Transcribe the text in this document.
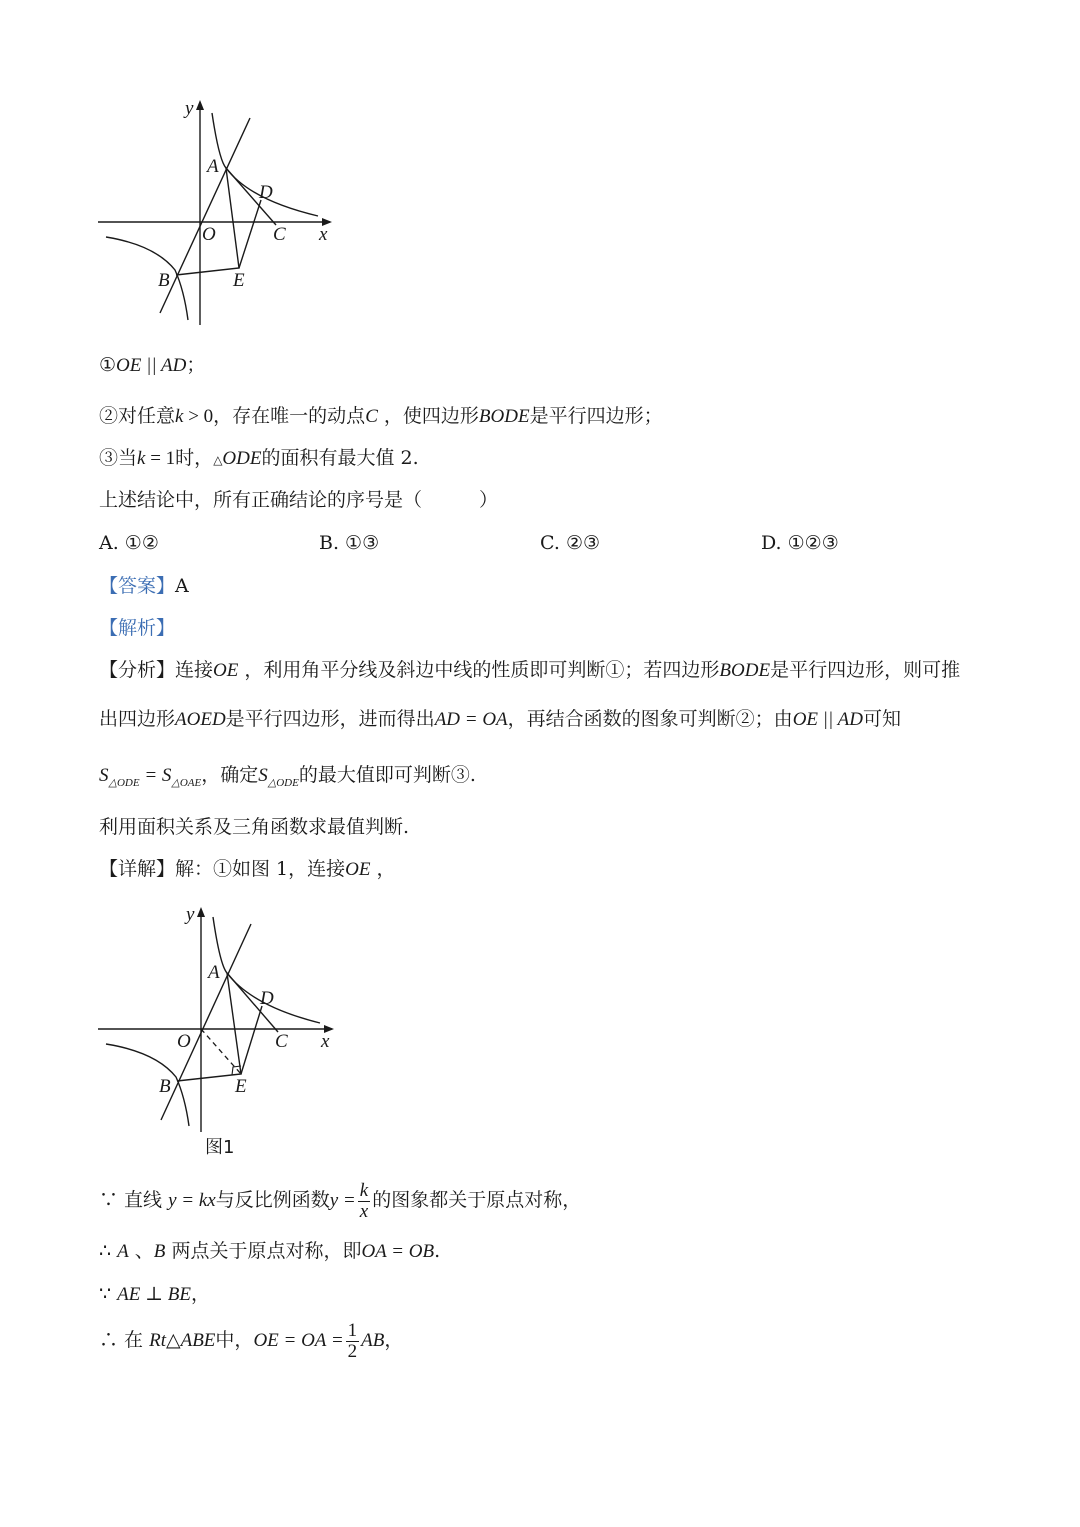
y
A
D
O	C x
B	E
①OE || AD；
②对任意k > 0，存在唯一的动点C ，使四边形BODE是平行四边形；
③当k = 1时，△ODE的面积有最大值 2.
上述结论中，所有正确结论的序号是（　　　）
A. ①②	B. ①③	C. ②③	D. ①②③
【答案】A
【解析】
【分析】连接OE ，利用角平分线及斜边中线的性质即可判断①；若四边形BODE是平行四边形，则可推
出四边形AOED是平行四边形，进而得出AD = OA，再结合函数的图象可判断②；由OE || AD可知
$S_{\triangle ODE} = S_{\triangle OAE}$，确定$S_{\triangle ODE}$的最大值即可判断③.
利用面积关系及三角函数求最值判断.
【详解】解：①如图 1，连接OE ，
y
A
D
O	C x
B	E
图1
∵ 直线 y = kx与反比例函数$y = \frac{k}{x}$ 的图象都关于原点对称，
∴ A 、B 两点关于原点对称，即OA = OB.
∵ AE ⊥ BE，
∴ 在 Rt△ABE中，OE = OA = $\frac{1}{2}$ AB，
